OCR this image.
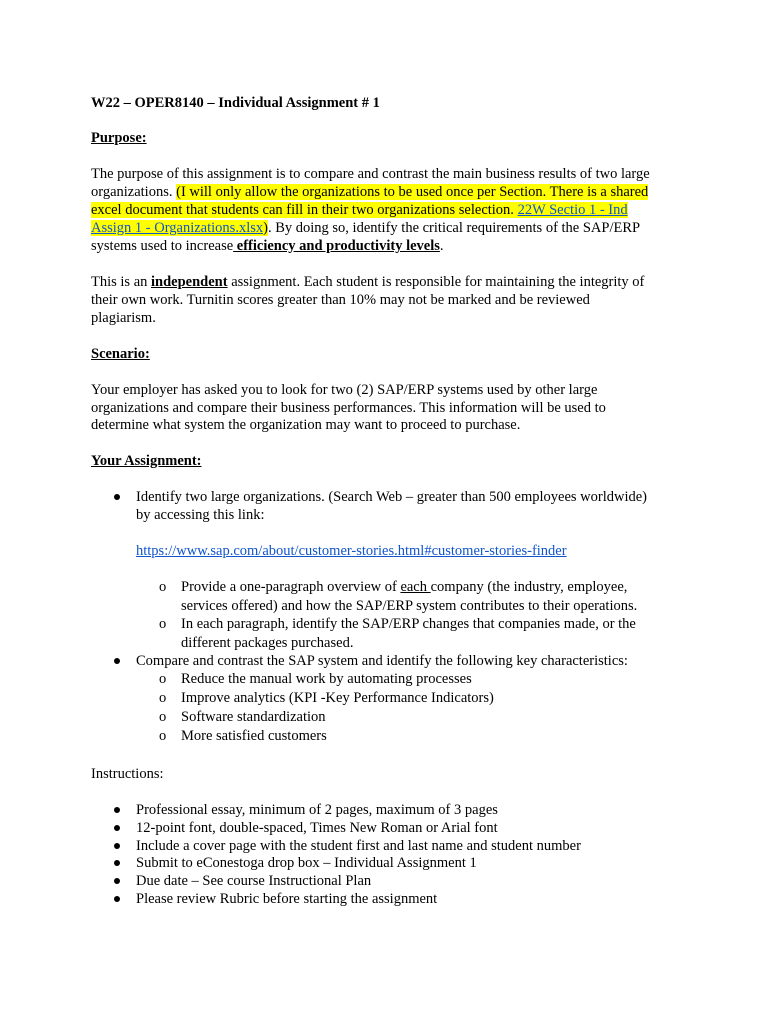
W22 – OPER8140 – Individual Assignment # 1
Purpose:
The purpose of this assignment is to compare and contrast the main business results of two large
organizations. (I will only allow the organizations to be used once per Section. There is a shared
excel document that students can fill in their two organizations selection. 22W Sectio 1 - Ind
Assign 1 - Organizations.xlsx). By doing so, identify the critical requirements of the SAP/ERP
systems used to increase efficiency and productivity levels.
This is an independent assignment. Each student is responsible for maintaining the integrity of
their own work. Turnitin scores greater than 10% may not be marked and be reviewed
plagiarism.
Scenario:
Your employer has asked you to look for two (2) SAP/ERP systems used by other large
organizations and compare their business performances. This information will be used to
determine what system the organization may want to proceed to purchase.
Your Assignment:
Identify two large organizations. (Search Web – greater than 500 employees worldwide)
by accessing this link:
https://www.sap.com/about/customer-stories.html#customer-stories-finder
o Provide a one-paragraph overview of each company (the industry, employee,
services offered) and how the SAP/ERP system contributes to their operations.
o In each paragraph, identify the SAP/ERP changes that companies made, or the
different packages purchased.
Compare and contrast the SAP system and identify the following key characteristics:
o Reduce the manual work by automating processes
o Improve analytics (KPI -Key Performance Indicators)
o Software standardization
o More satisfied customers
Instructions:
Professional essay, minimum of 2 pages, maximum of 3 pages
12-point font, double-spaced, Times New Roman or Arial font
Include a cover page with the student first and last name and student number
Submit to eConestoga drop box – Individual Assignment 1
Due date – See course Instructional Plan
Please review Rubric before starting the assignment
